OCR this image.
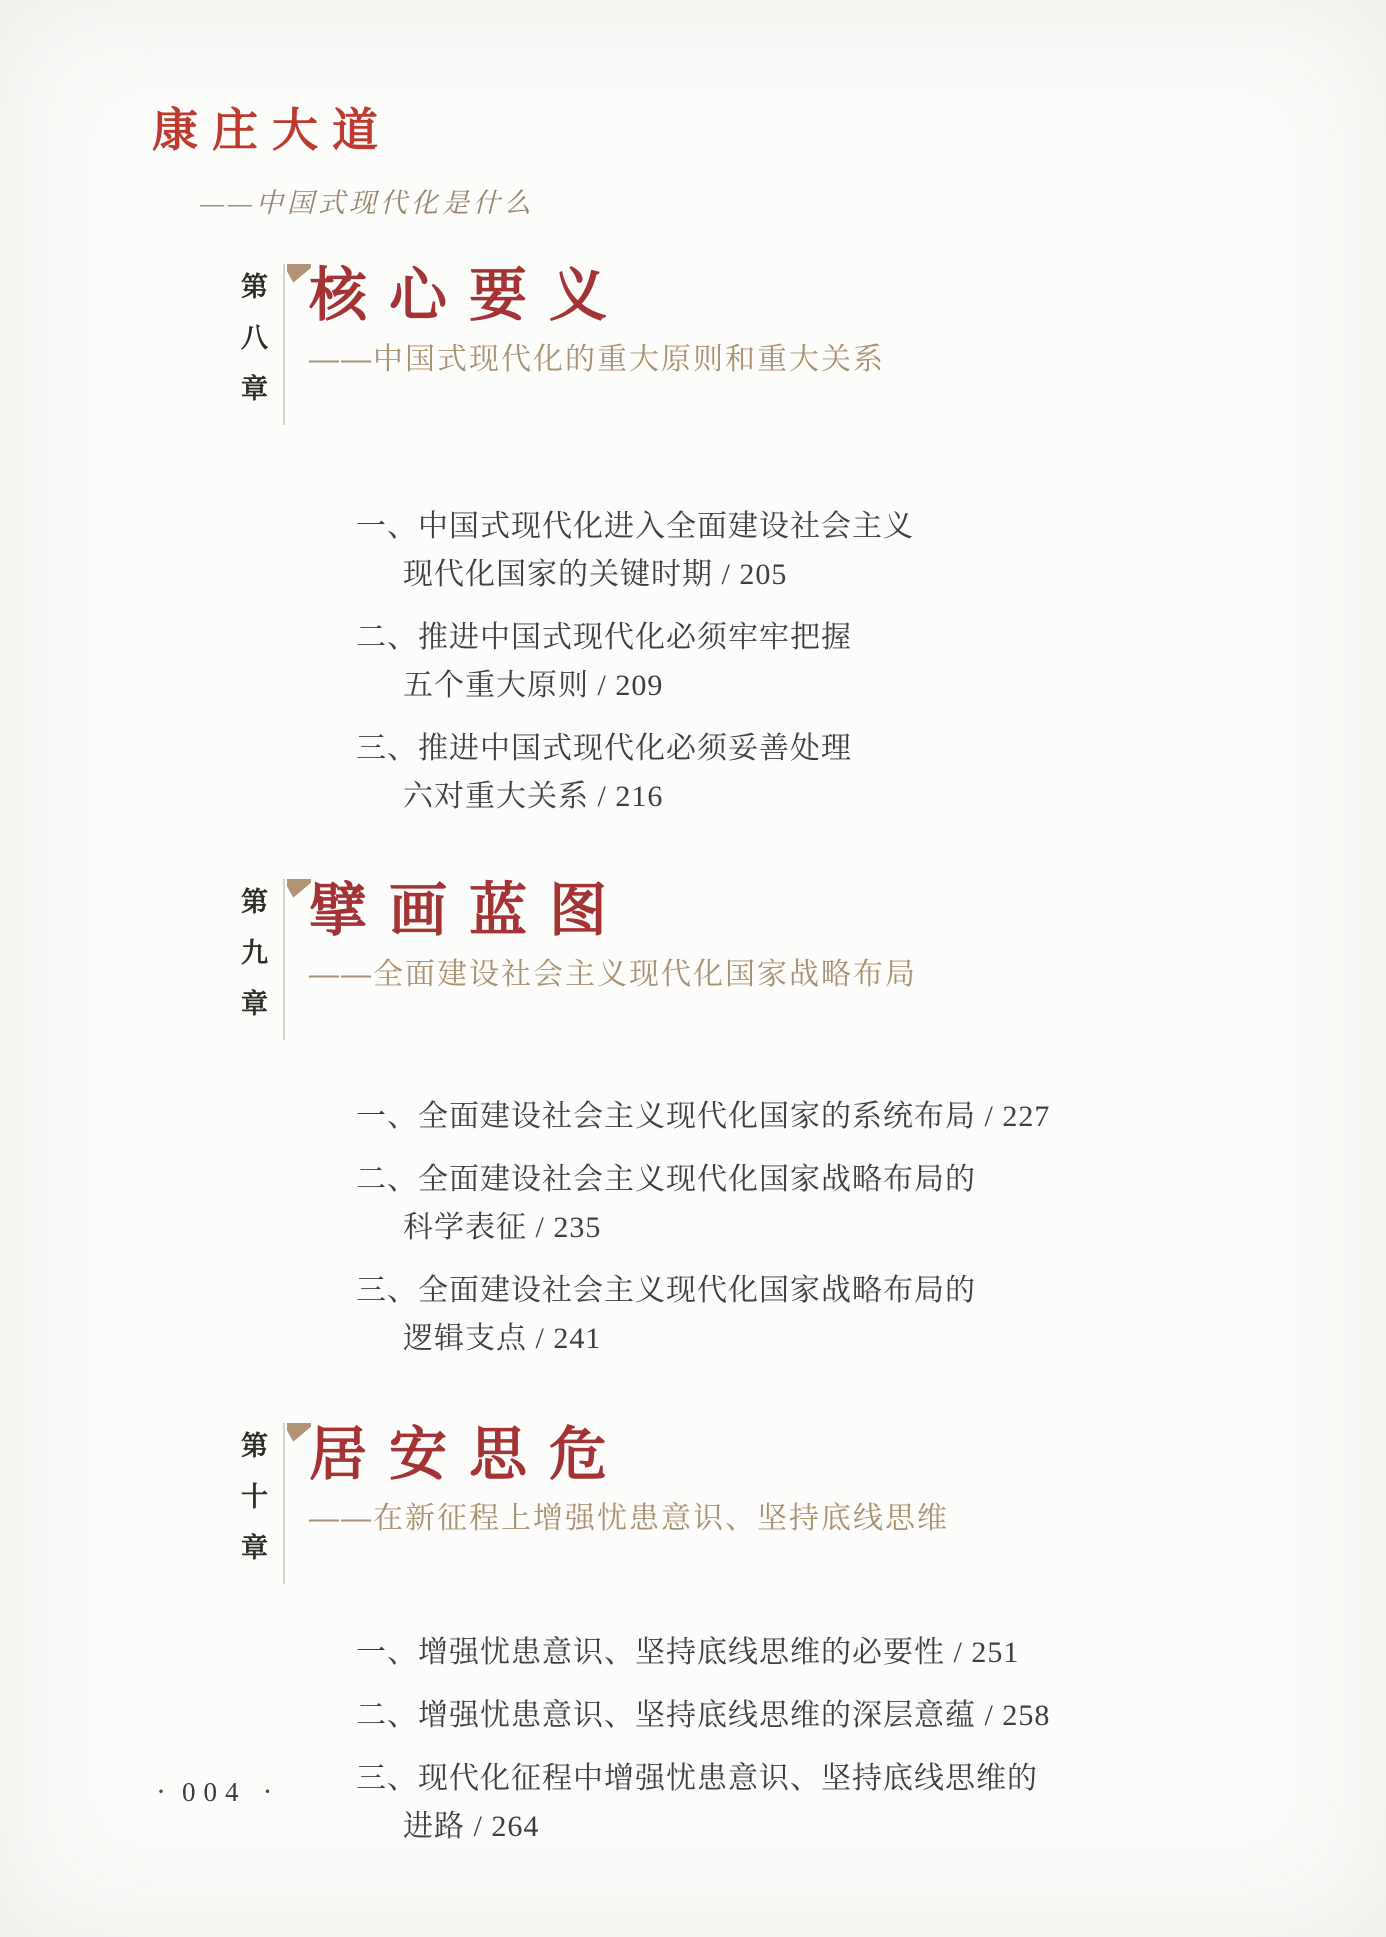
康庄大道
——中国式现代化是什么
第八章 核心要义
——中国式现代化的重大原则和重大关系
一、中国式现代化进入全面建设社会主义
现代化国家的关键时期 / 205
二、推进中国式现代化必须牢牢把握
五个重大原则 / 209
三、推进中国式现代化必须妥善处理
六对重大关系 / 216
第九章 擘画蓝图
——全面建设社会主义现代化国家战略布局
一、全面建设社会主义现代化国家的系统布局 / 227
二、全面建设社会主义现代化国家战略布局的
科学表征 / 235
三、全面建设社会主义现代化国家战略布局的
逻辑支点 / 241
第十章 居安思危
——在新征程上增强忧患意识、坚持底线思维
一、增强忧患意识、坚持底线思维的必要性 / 251
二、增强忧患意识、坚持底线思维的深层意蕴 / 258
三、现代化征程中增强忧患意识、坚持底线思维的
进路 / 264
· 004 ·
